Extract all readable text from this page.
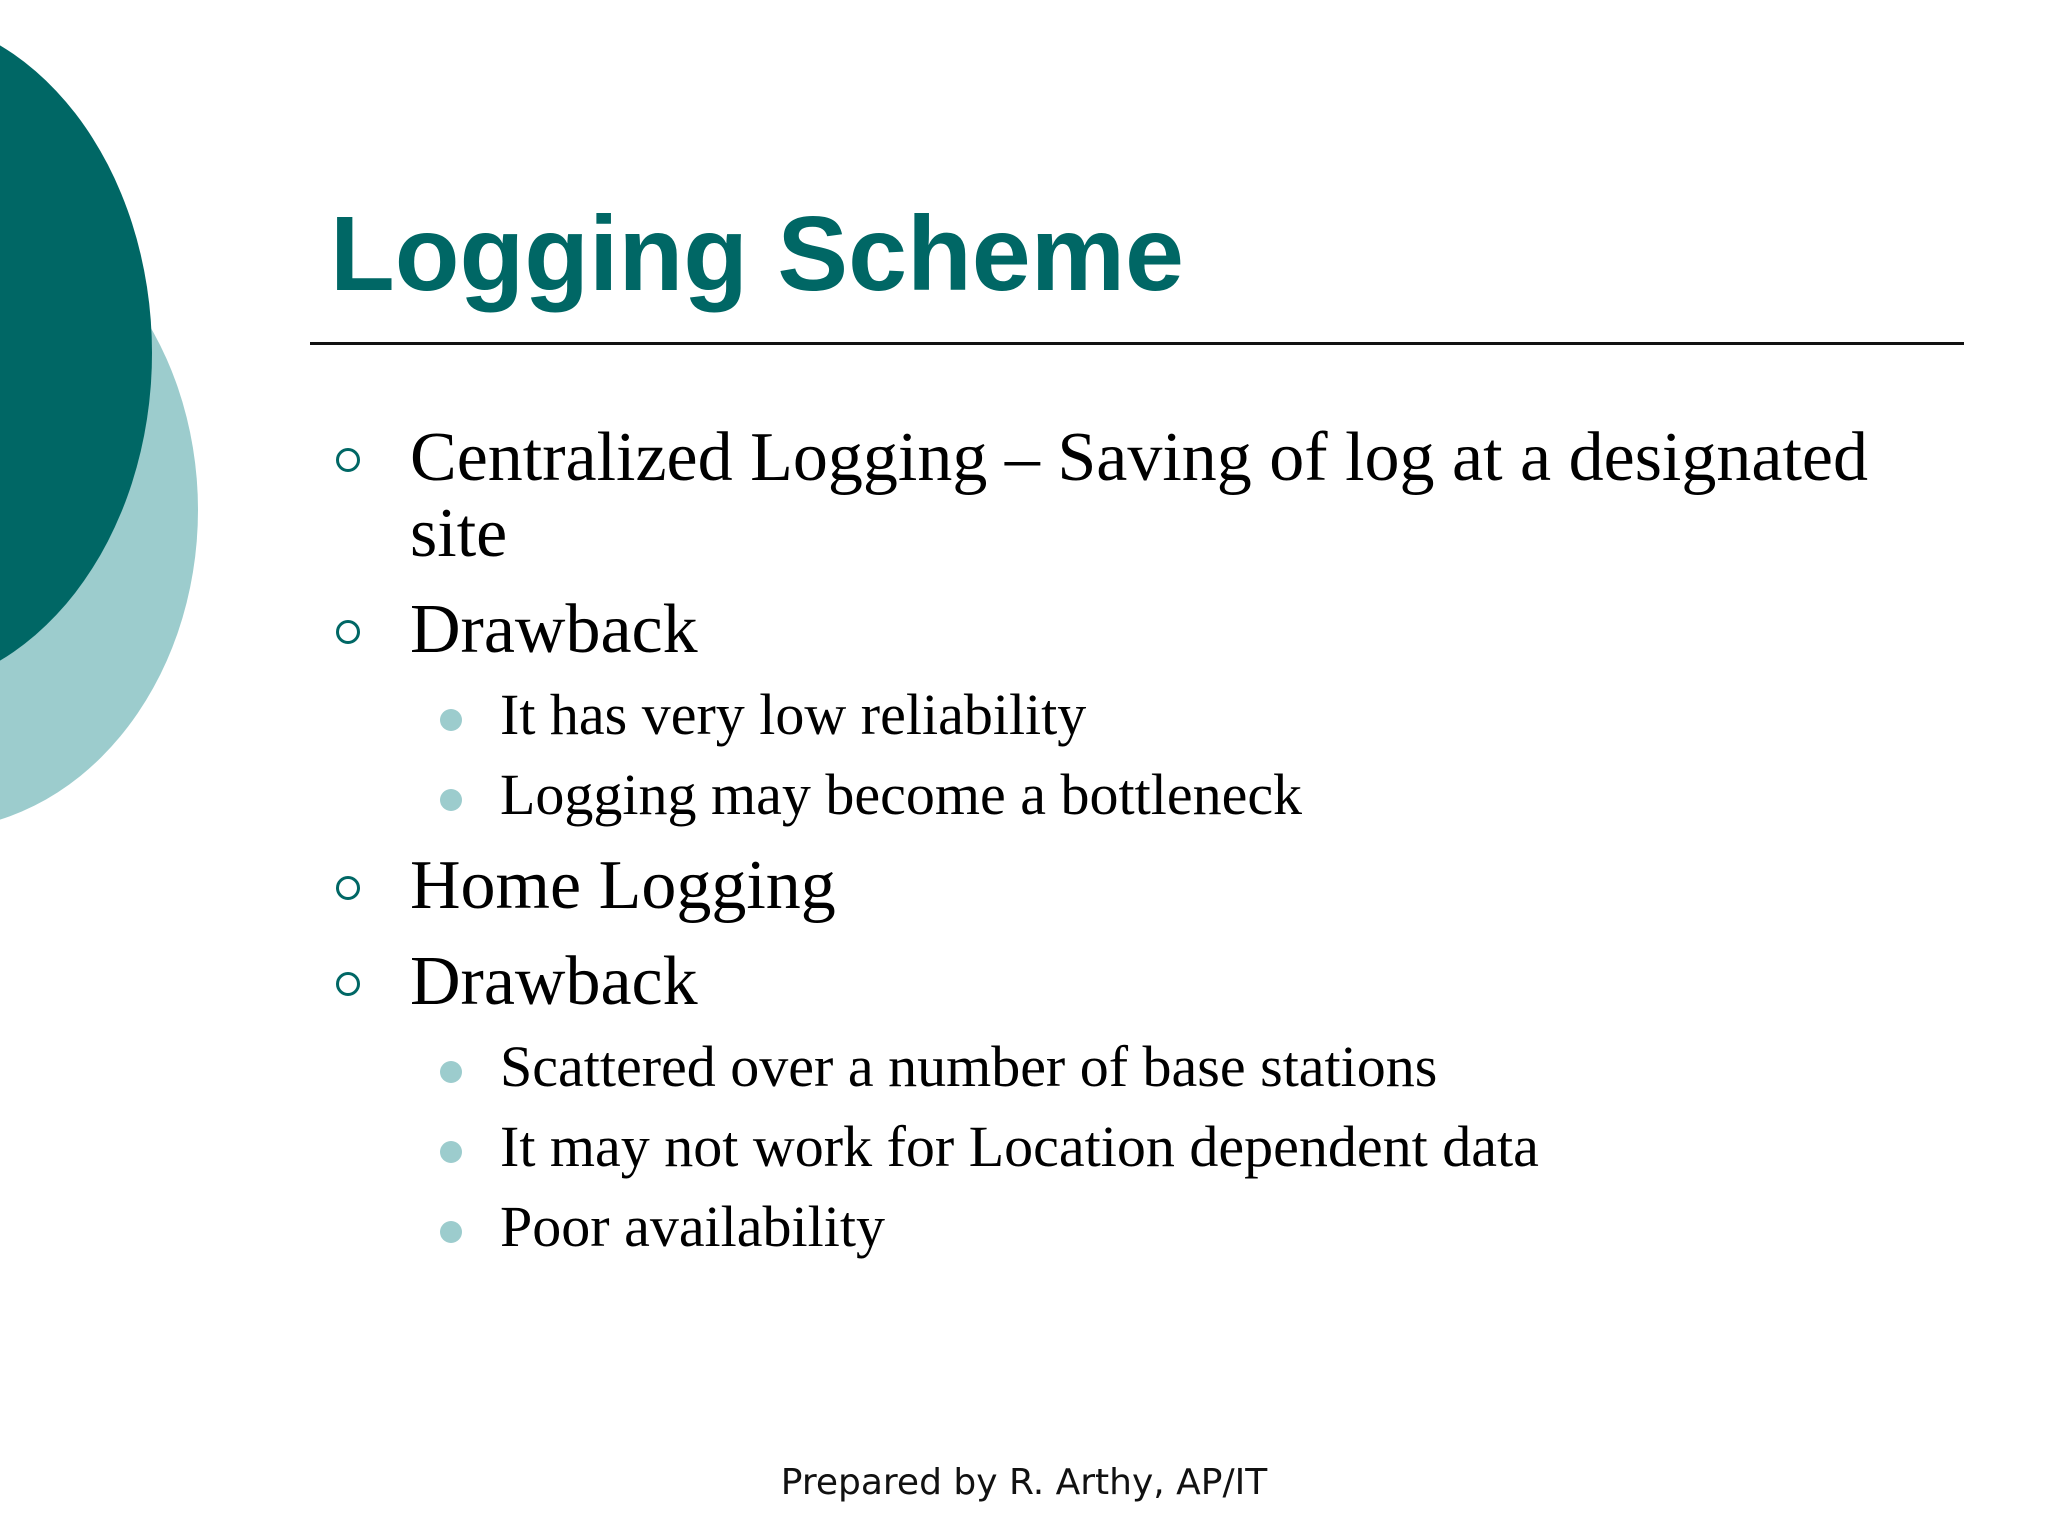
Logging Scheme
Centralized Logging – Saving of log at a designated site
Drawback
It has very low reliability
Logging may become a bottleneck
Home Logging
Drawback
Scattered over a number of base stations
It may not work for Location dependent data
Poor availability
Prepared by R. Arthy, AP/IT
